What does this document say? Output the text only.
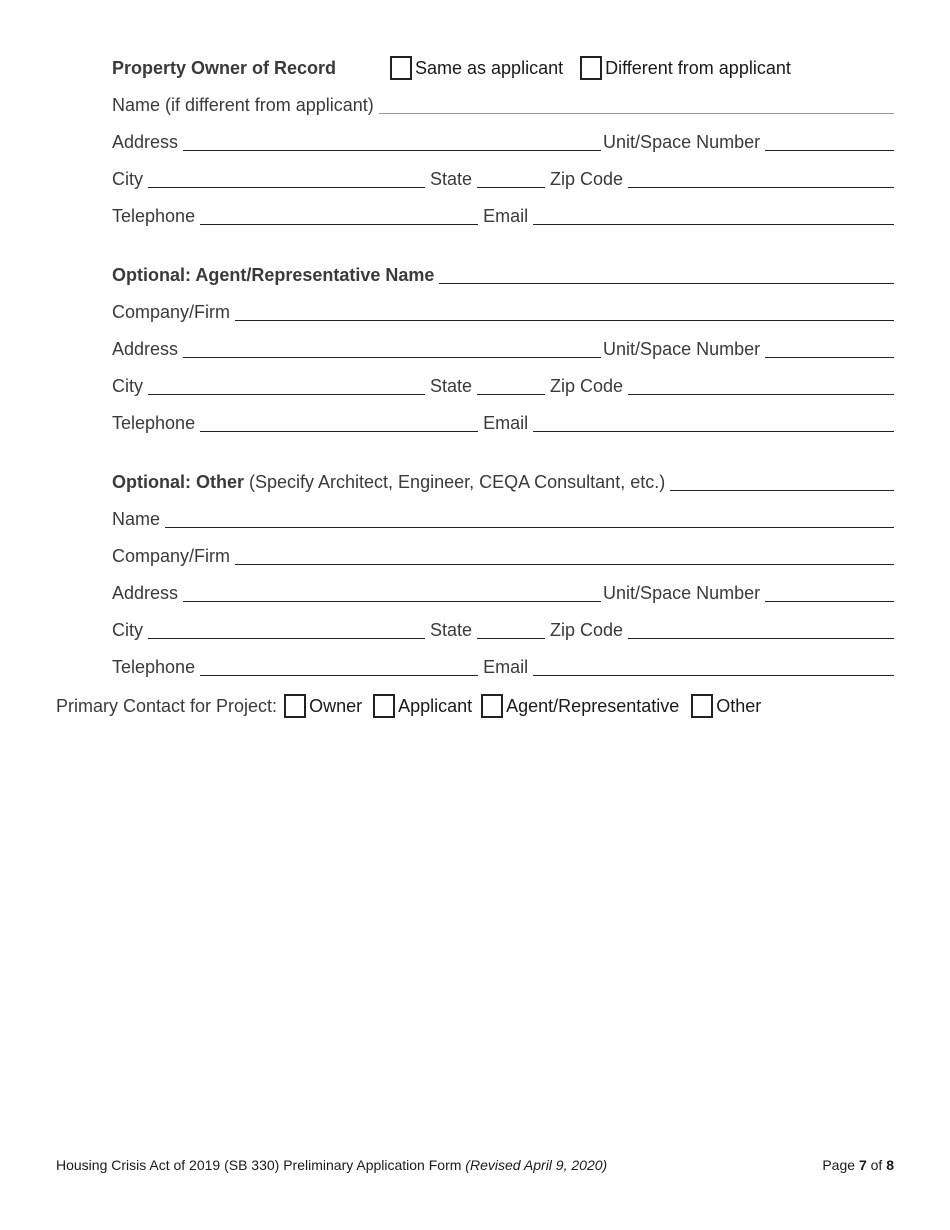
Property Owner of Record	Same as applicant Different from applicant
Name (if different from applicant)
Address	Unit/Space Number
City	State	Zip Code
Telephone	Email
Optional: Agent/Representative Name
Company/Firm
Address	Unit/Space Number
City	State	Zip Code
Telephone	Email
Optional: Other (Specify Architect, Engineer, CEQA Consultant, etc.)
Name
Company/Firm
Address	Unit/Space Number
City	State	Zip Code
Telephone	Email
Primary Contact for Project: Owner Applicant Agent/Representative Other
Housing Crisis Act of 2019 (SB 330) Preliminary Application Form (Revised April 9, 2020)	Page 7 of 8
